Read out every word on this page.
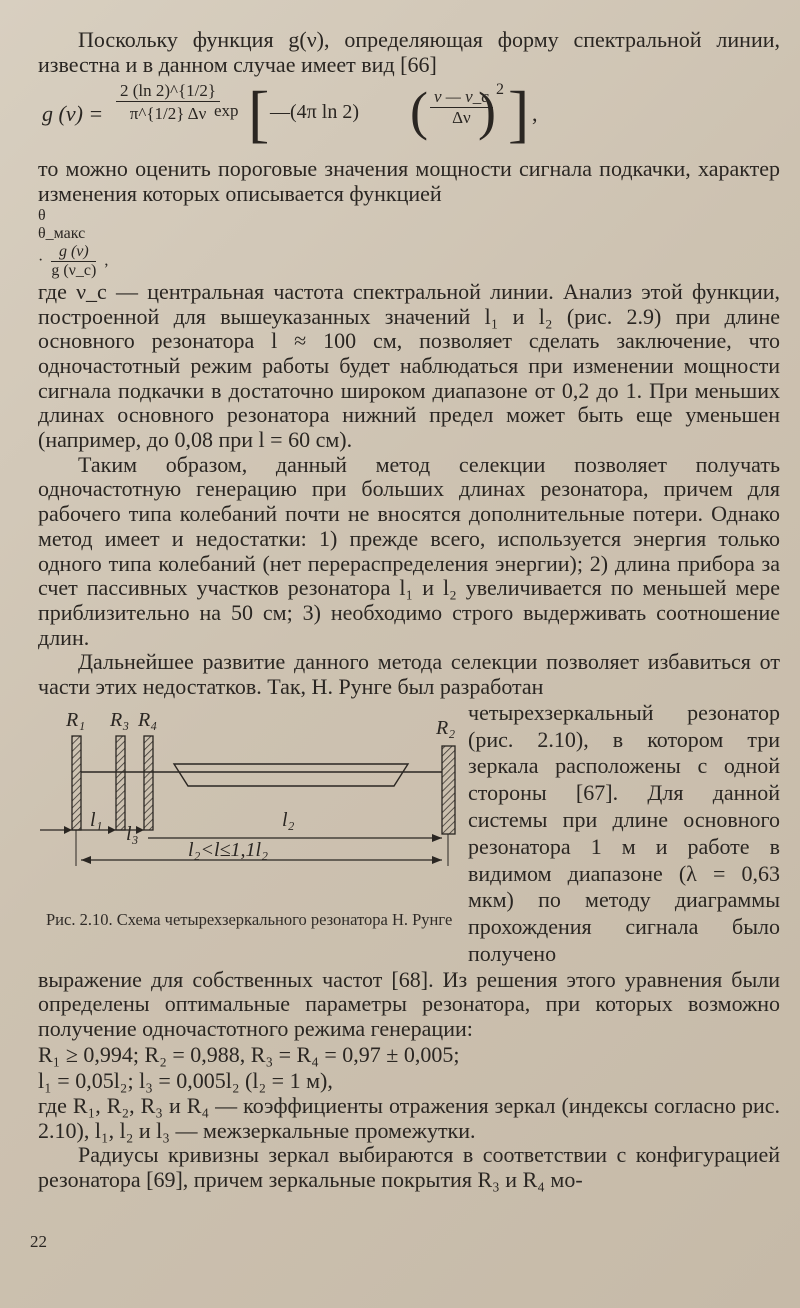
Поскольку функция g(ν), определяющая форму спектральной линии, известна и в данном случае имеет вид [66]

g $(\nu) = \frac{2 (\ln 2)\^{}\{1/2\}}{\pi\^{}\{1/2\} \Delta\nu}$
exp [ —(4π ln 2) ( $\frac{\nu — \nu\_c}{\Delta\nu}$
) 2 ] ,

то можно оценить пороговые значения мощности сигнала подкачки, характер изменения которых описывается функцией

θ
θ_макс
· $\frac{g (\nu)}{g (\nu\_c)}$ ,

где ν_c — центральная частота спектральной линии. Анализ этой функции, построенной для вышеуказанных значений l₁ и l₂ (рис. 2.9) при длине основного резонатора l ≈ 100 см, позволяет сделать заключение, что одночастотный режим работы будет наблюдаться при изменении мощности сигнала подкачки в достаточно широком диапазоне от 0,2 до 1. При меньших длинах основного резонатора нижний предел может быть еще уменьшен (например, до 0,08 при l = 60 см).

Таким образом, данный метод селекции позволяет получать одночастотную генерацию при больших длинах резонатора, причем для рабочего типа колебаний почти не вносятся дополнительные потери. Однако метод имеет и недостатки: 1) прежде всего, используется энергия только одного типа колебаний (нет перераспределения энергии); 2) длина прибора за счет пассивных участков резонатора l₁ и l₂ увеличивается по меньшей мере приблизительно на 50 см; 3) необходимо строго выдерживать соотношение длин.

Дальнейшее развитие данного метода селекции позволяет избавиться от части этих недостатков. Так, Н. Рунге был разработан

R₁ R₃ R₄	R₂
l₁
l₃
l₂
l₂<l≤1,1l₂
Рис. 2.10. Схема четырехзеркального резонатора Н. Рунге

четырехзеркальный резонатор (рис. 2.10), в котором три зеркала расположены с одной стороны [67]. Для данной системы при длине основного резонатора 1 м и работе в видимом диапазоне (λ = 0,63 мкм) по методу диаграммы прохождения сигнала было получено

выражение для собственных частот [68]. Из решения этого уравнения были определены оптимальные параметры резонатора, при которых возможно получение одночастотного режима генерации:

R₁ ≥ 0,994; R₂ = 0,988, R₃ = R₄ = 0,97 ± 0,005;

l₁ = 0,05l₂; l₃ = 0,005l₂ (l₂ = 1 м),

где R₁, R₂, R₃ и R₄ — коэффициенты отражения зеркал (индексы согласно рис. 2.10), l₁, l₂ и l₃ — межзеркальные промежутки.

Радиусы кривизны зерка﻿л выбираются в соответствии с конфигурацией резонатора [69], причем зеркальные покрытия R₃ и R₄ мо-

22
